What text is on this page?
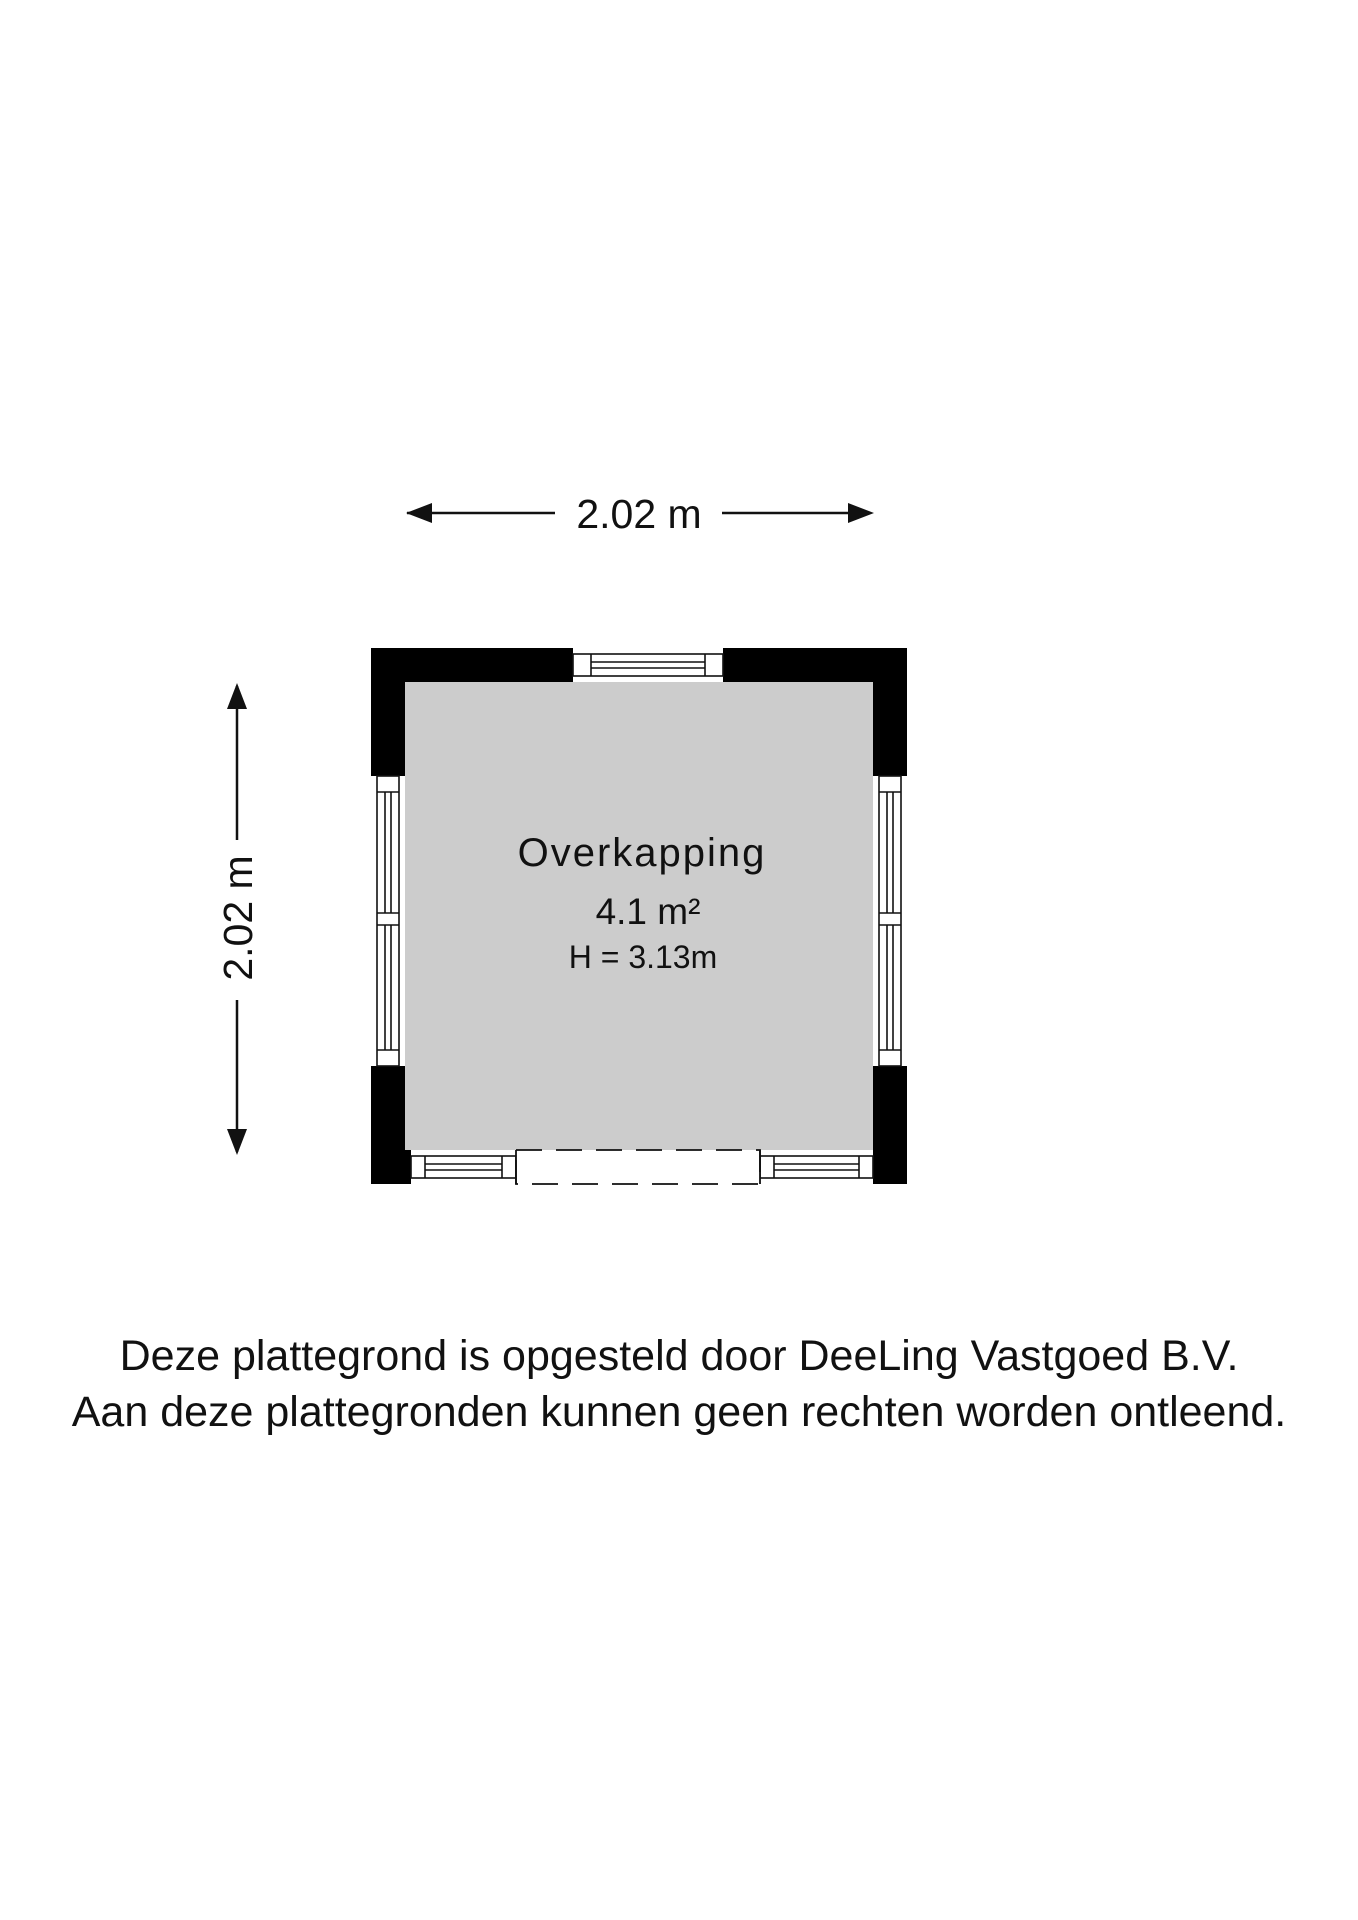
2.02 m
2.02 m
Overkapping
4.1 m²
H = 3.13m
Deze plattegrond is opgesteld door DeeLing Vastgoed B.V.
Aan deze plattegronden kunnen geen rechten worden ontleend.
